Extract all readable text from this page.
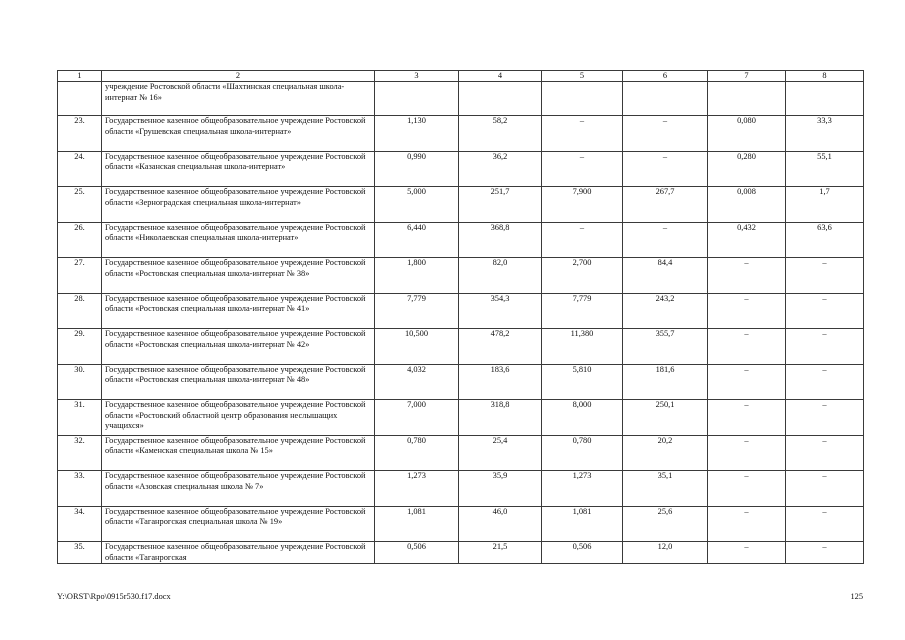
1	2	3	4	5	6	7	8
	учреждение Ростовской области «Шахтинская специальная школа-интернат № 16»						
23.	Государственное казенное общеобразовательное учреждение Ростовской области «Грушевская специальная школа-интернат»	1,130	58,2	–	–	0,080	33,3
24.	Государственное казенное общеобразовательное учреждение Ростовской области «Казанская специальная школа-интернат»	0,990	36,2	–	–	0,280	55,1
25.	Государственное казенное общеобразовательное учреждение Ростовской области «Зерноградская специальная школа-интернат»	5,000	251,7	7,900	267,7	0,008	1,7
26.	Государственное казенное общеобразовательное учреждение Ростовской области «Николаевская специальная школа-интернат»	6,440	368,8	–	–	0,432	63,6
27.	Государственное казенное общеобразовательное учреждение Ростовской области «Ростовская специальная школа-интернат № 38»	1,800	82,0	2,700	84,4	–	–
28.	Государственное казенное общеобразовательное учреждение Ростовской области «Ростовская специальная школа-интернат № 41»	7,779	354,3	7,779	243,2	–	–
29.	Государственное казенное общеобразовательное учреждение Ростовской области «Ростовская специальная школа-интернат № 42»	10,500	478,2	11,380	355,7	–	–
30.	Государственное казенное общеобразовательное учреждение Ростовской области «Ростовская специальная школа-интернат № 48»	4,032	183,6	5,810	181,6	–	–
31.	Государственное казенное общеобразовательное учреждение Ростовской области «Ростовский областной центр образования неслышащих учащихся»	7,000	318,8	8,000	250,1	–	–
32.	Государственное казенное общеобразовательное учреждение Ростовской области «Каменская специальная школа № 15»	0,780	25,4	0,780	20,2	–	–
33.	Государственное казенное общеобразовательное учреждение Ростовской области «Азовская специальная школа № 7»	1,273	35,9	1,273	35,1	–	–
34.	Государственное казенное общеобразовательное учреждение Ростовской области «Таганрогская специальная школа № 19»	1,081	46,0	1,081	25,6	–	–
35.	Государственное казенное общеобразовательное учреждение Ростовской области «Таганрогская	0,506	21,5	0,506	12,0	–	–
Y:\ORST\Rpo\0915r530.f17.docx	125
